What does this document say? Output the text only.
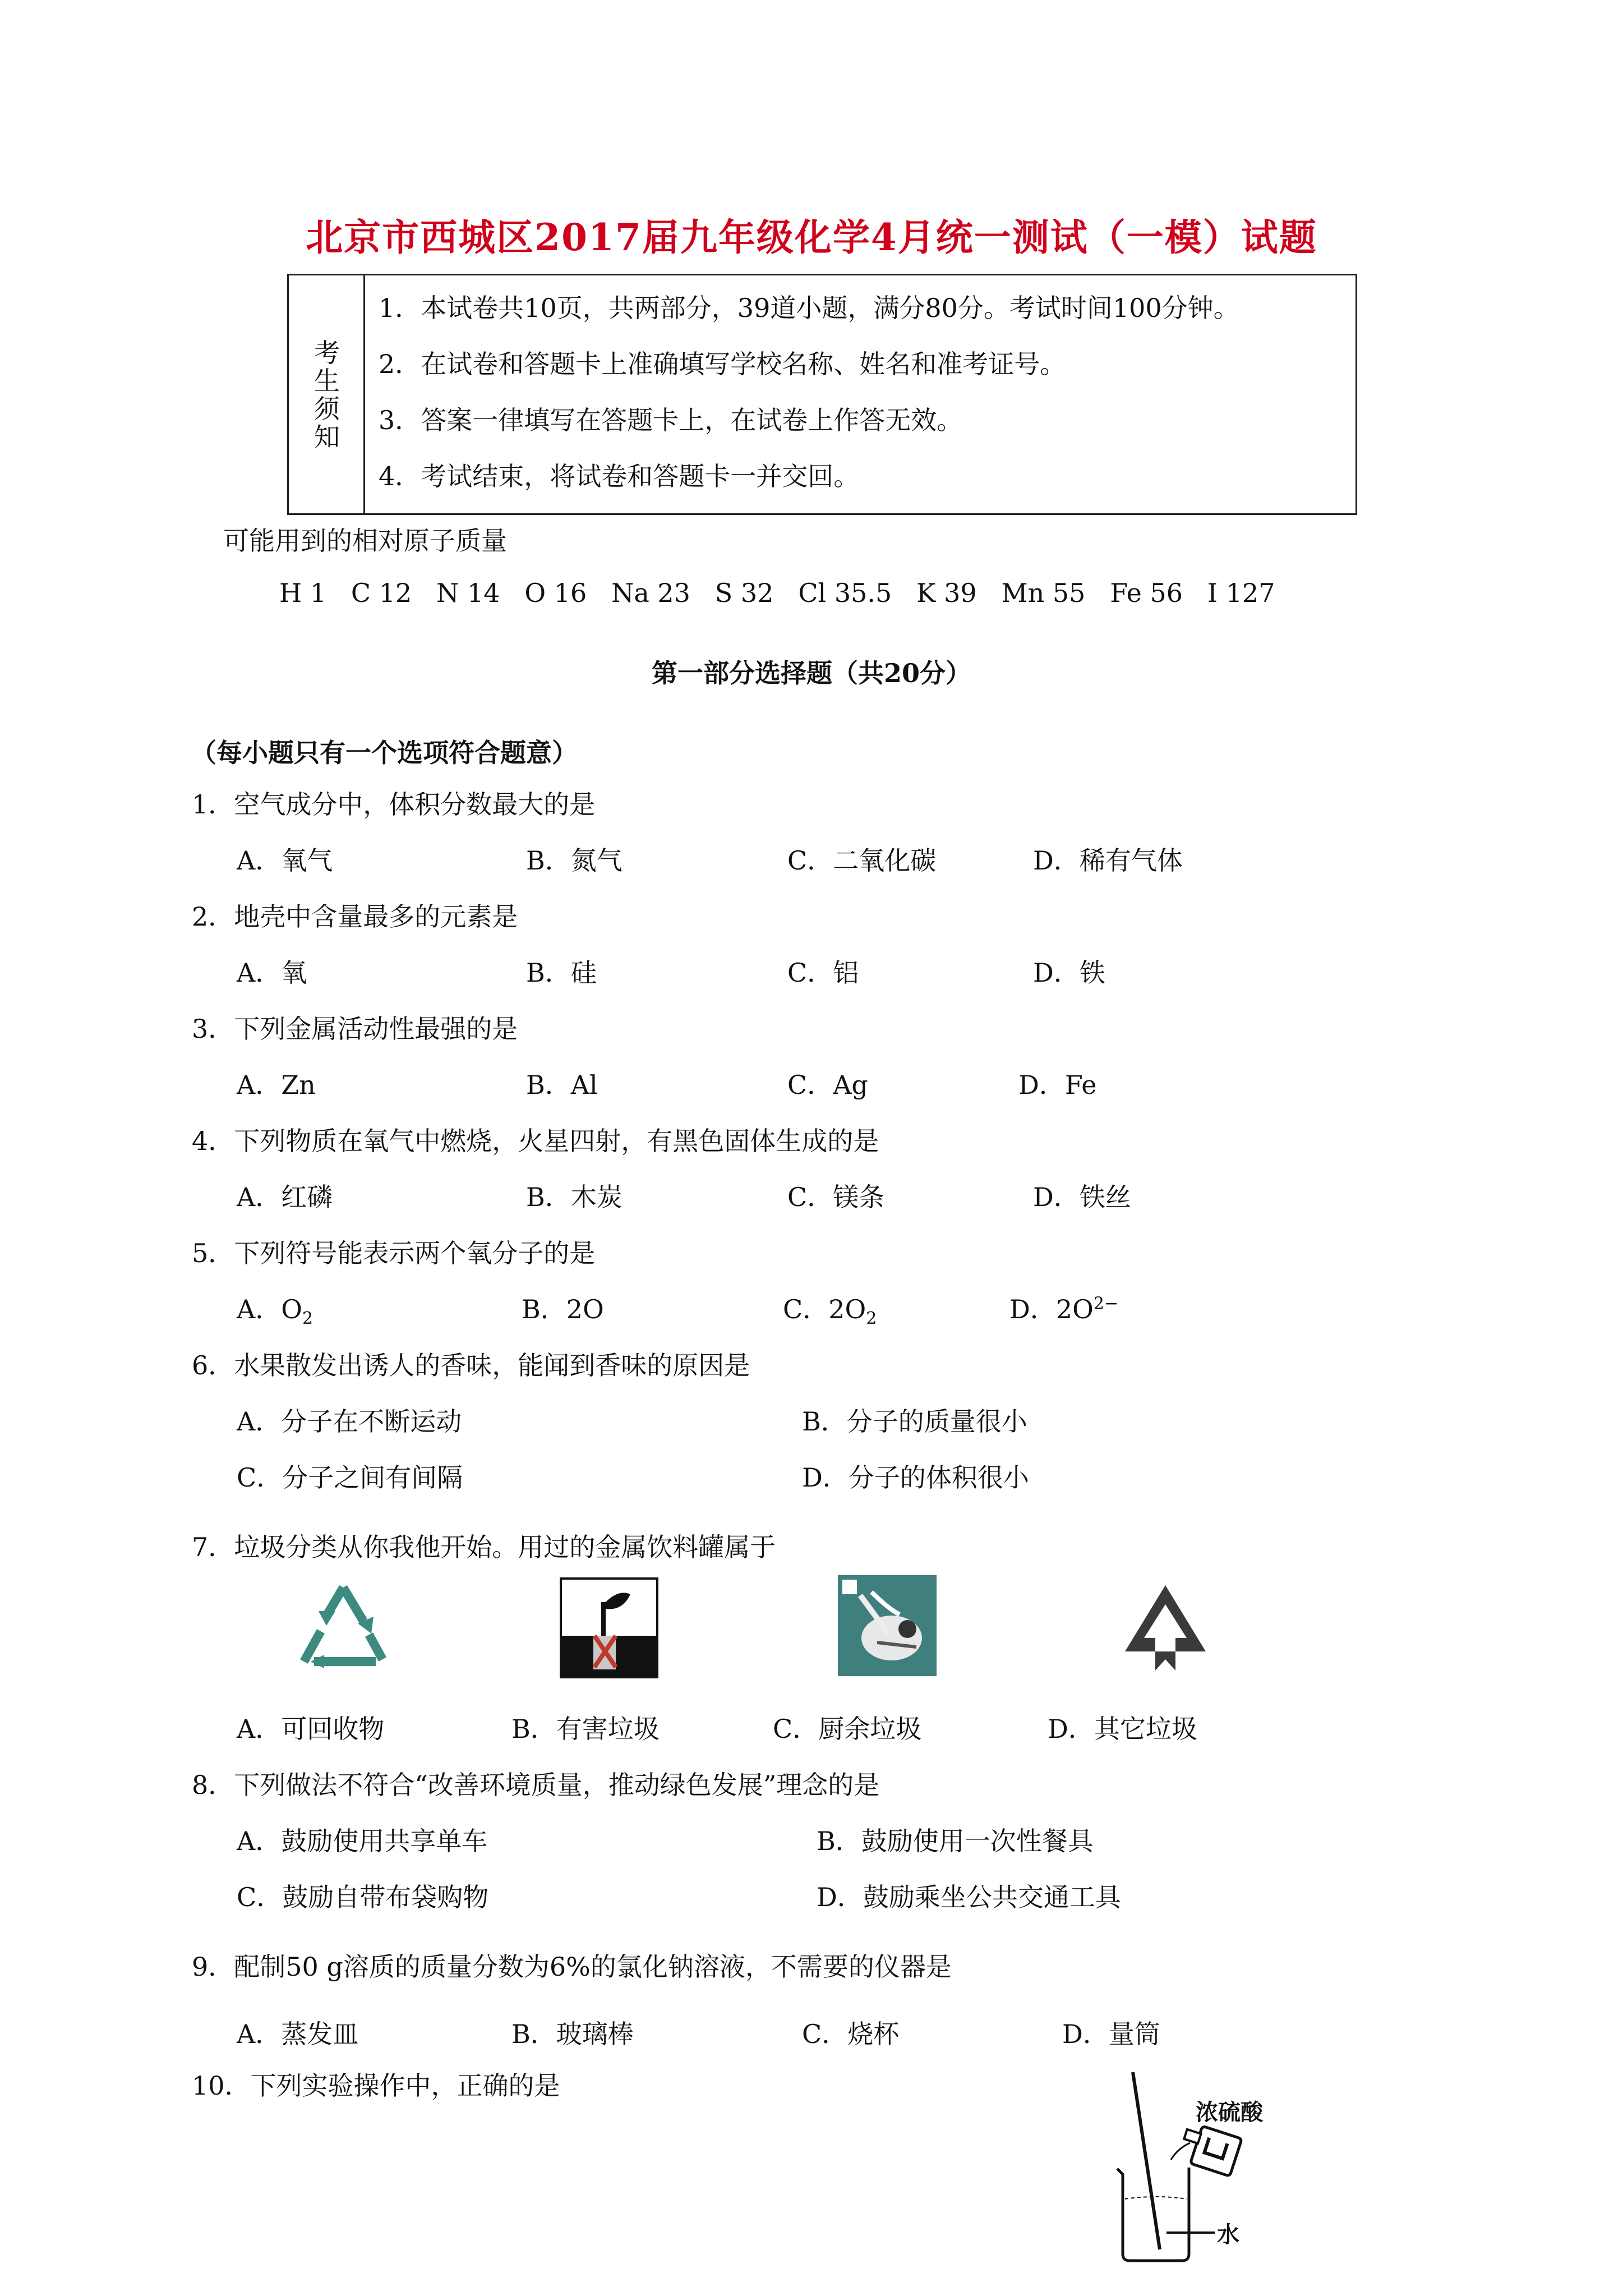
北京市西城区2017届九年级化学4月统一测试（一模）试题
考
生
须
知
1．本试卷共10页，共两部分，39道小题，满分80分。考试时间100分钟。
2．在试卷和答题卡上准确填写学校名称、姓名和准考证号。
3．答案一律填写在答题卡上，在试卷上作答无效。
4．考试结束，将试卷和答题卡一并交回。
可能用到的相对原子质量
H 1   C 12   N 14   O 16   Na 23   S 32   Cl 35.5   K 39   Mn 55   Fe 56   I 127
第一部分选择题（共20分）
（每小题只有一个选项符合题意）
1．空气成分中，体积分数最大的是
A．氧气	B．氮气	C．二氧化碳	D．稀有气体
2．地壳中含量最多的元素是
A．氧	B．硅	C．铝	D．铁
3．下列金属活动性最强的是
A．Zn	B．Al	C．Ag	D．Fe
4．下列物质在氧气中燃烧，火星四射，有黑色固体生成的是
A．红磷	B．木炭	C．镁条	D．铁丝
5．下列符号能表示两个氧分子的是
A．$O_2$	B．2O	C．$2O_2$	D．$2O^{2-}$
6．水果散发出诱人的香味，能闻到香味的原因是
A．分子在不断运动	B．分子的质量很小
C．分子之间有间隔	D．分子的体积很小
7．垃圾分类从你我他开始。用过的金属饮料罐属于
A．可回收物	B．有害垃圾	C．厨余垃圾	D．其它垃圾
8．下列做法不符合“改善环境质量，推动绿色发展”理念的是
A．鼓励使用共享单车	B．鼓励使用一次性餐具
C．鼓励自带布袋购物	D．鼓励乘坐公共交通工具
9．配制50 g溶质的质量分数为6%的氯化钠溶液，不需要的仪器是
A．蒸发皿	B．玻璃棒	C．烧杯	D．量筒
10．下列实验操作中，正确的是
浓硫酸
水
